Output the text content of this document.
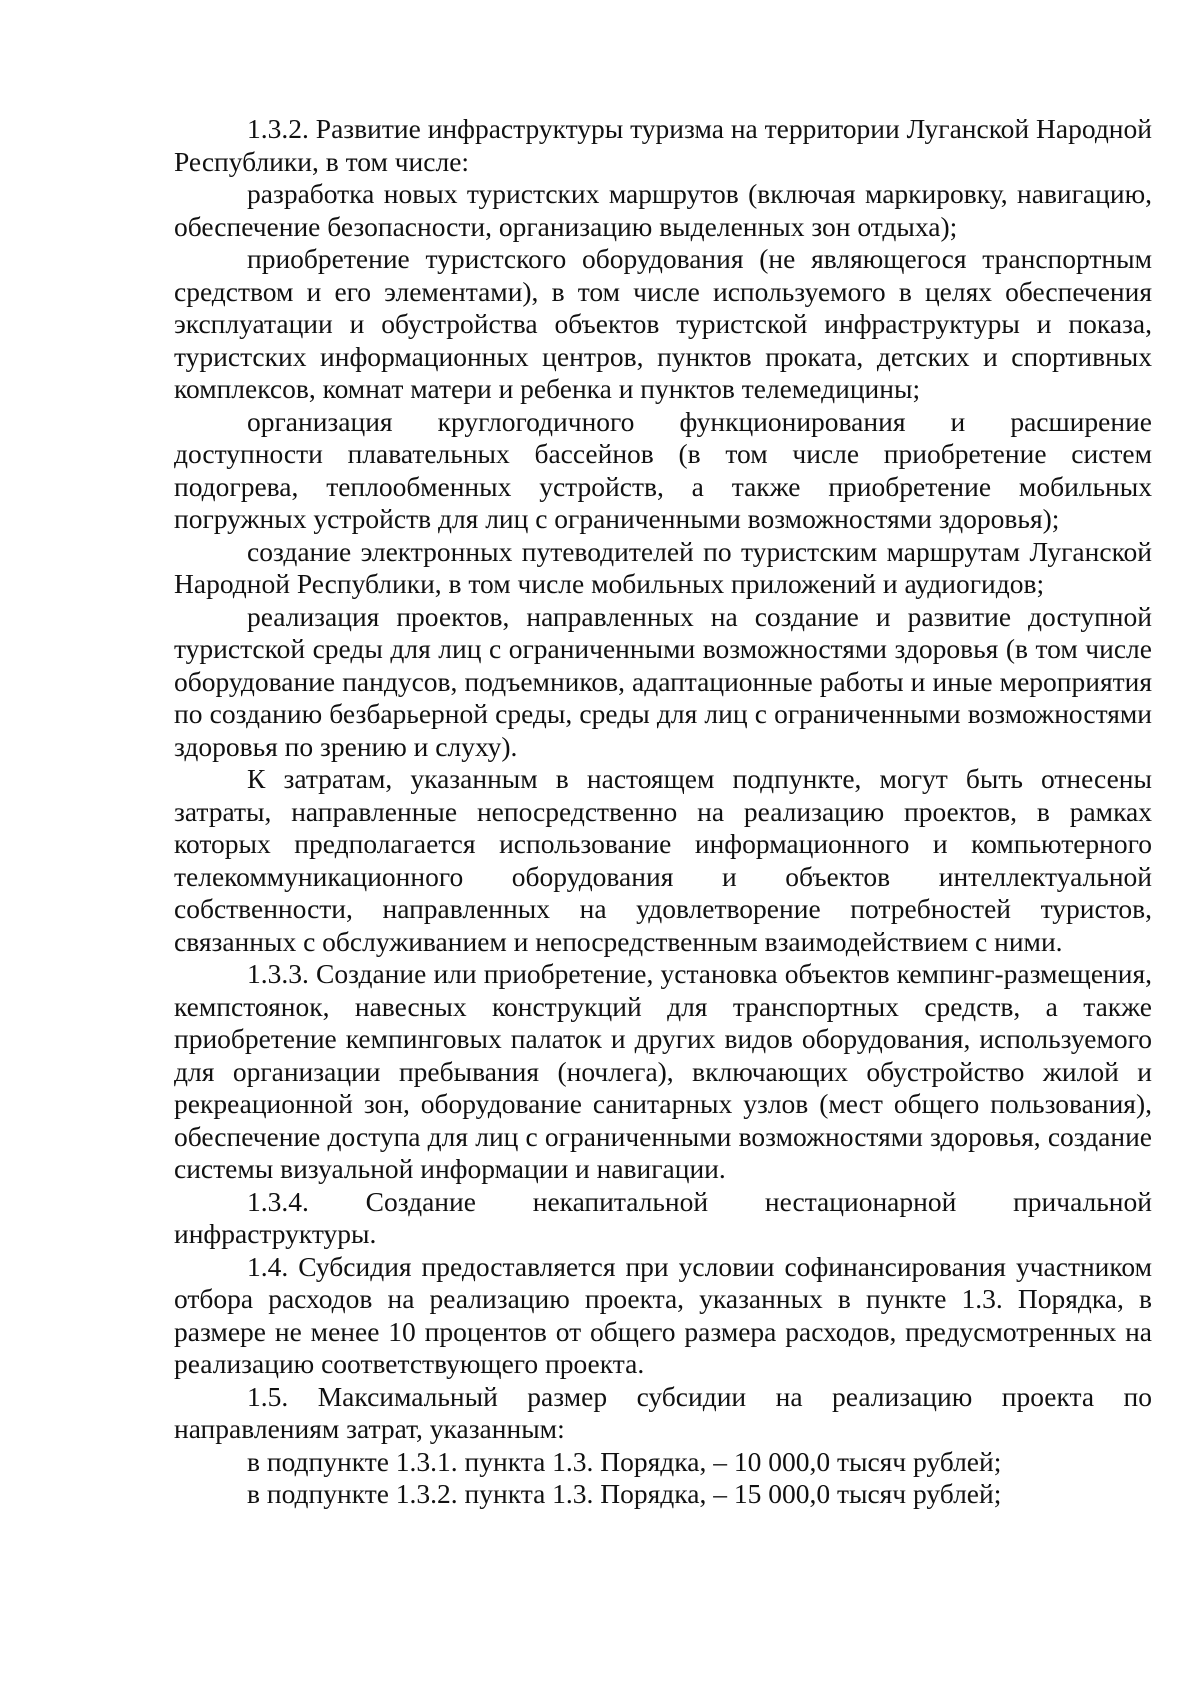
1.3.2. Развитие инфраструктуры туризма на территории Луганской Народной Республики, в том числе:

разработка новых туристских маршрутов (включая маркировку, навигацию, обеспечение безопасности, организацию выделенных зон отдыха);

приобретение туристского оборудования (не являющегося транспортным средством и его элементами), в том числе используемого в целях обеспечения эксплуатации и обустройства объектов туристской инфраструктуры и показа, туристских информационных центров, пунктов проката, детских и спортивных комплексов, комнат матери и ребенка и пунктов телемедицины;

организация круглогодичного функционирования и расширение доступности плавательных бассейнов (в том числе приобретение систем подогрева, теплообменных устройств, а также приобретение мобильных погружных устройств для лиц с ограниченными возможностями здоровья);

создание электронных путеводителей по туристским маршрутам Луганской Народной Республики, в том числе мобильных приложений и аудиогидов;

реализация проектов, направленных на создание и развитие доступной туристской среды для лиц с ограниченными возможностями здоровья (в том числе оборудование пандусов, подъемников, адаптационные работы и иные мероприятия по созданию безбарьерной среды, среды для лиц с ограниченными возможностями здоровья по зрению и слуху).

К затратам, указанным в настоящем подпункте, могут быть отнесены затраты, направленные непосредственно на реализацию проектов, в рамках которых предполагается использование информационного и компьютерного телекоммуникационного оборудования и объектов интеллектуальной собственности, направленных на удовлетворение потребностей туристов, связанных с обслуживанием и непосредственным взаимодействием с ними.

1.3.3. Создание или приобретение, установка объектов кемпинг-размещения, кемпстоянок, навесных конструкций для транспортных средств, а также приобретение кемпинговых палаток и других видов оборудования, используемого для организации пребывания (ночлега), включающих обустройство жилой и рекреационной зон, оборудование санитарных узлов (мест общего пользования), обеспечение доступа для лиц с ограниченными возможностями здоровья, создание системы визуальной информации и навигации.

1.3.4. Создание некапитальной нестационарной причальной инфраструктуры.

1.4. Субсидия предоставляется при условии софинансирования участником отбора расходов на реализацию проекта, указанных в пункте 1.3. Порядка, в размере не менее 10 процентов от общего размера расходов, предусмотренных на реализацию соответствующего проекта.

1.5. Максимальный размер субсидии на реализацию проекта по направлениям затрат, указанным:

в подпункте 1.3.1. пункта 1.3. Порядка, – 10 000,0 тысяч рублей;

в подпункте 1.3.2. пункта 1.3. Порядка, – 15 000,0 тысяч рублей;
